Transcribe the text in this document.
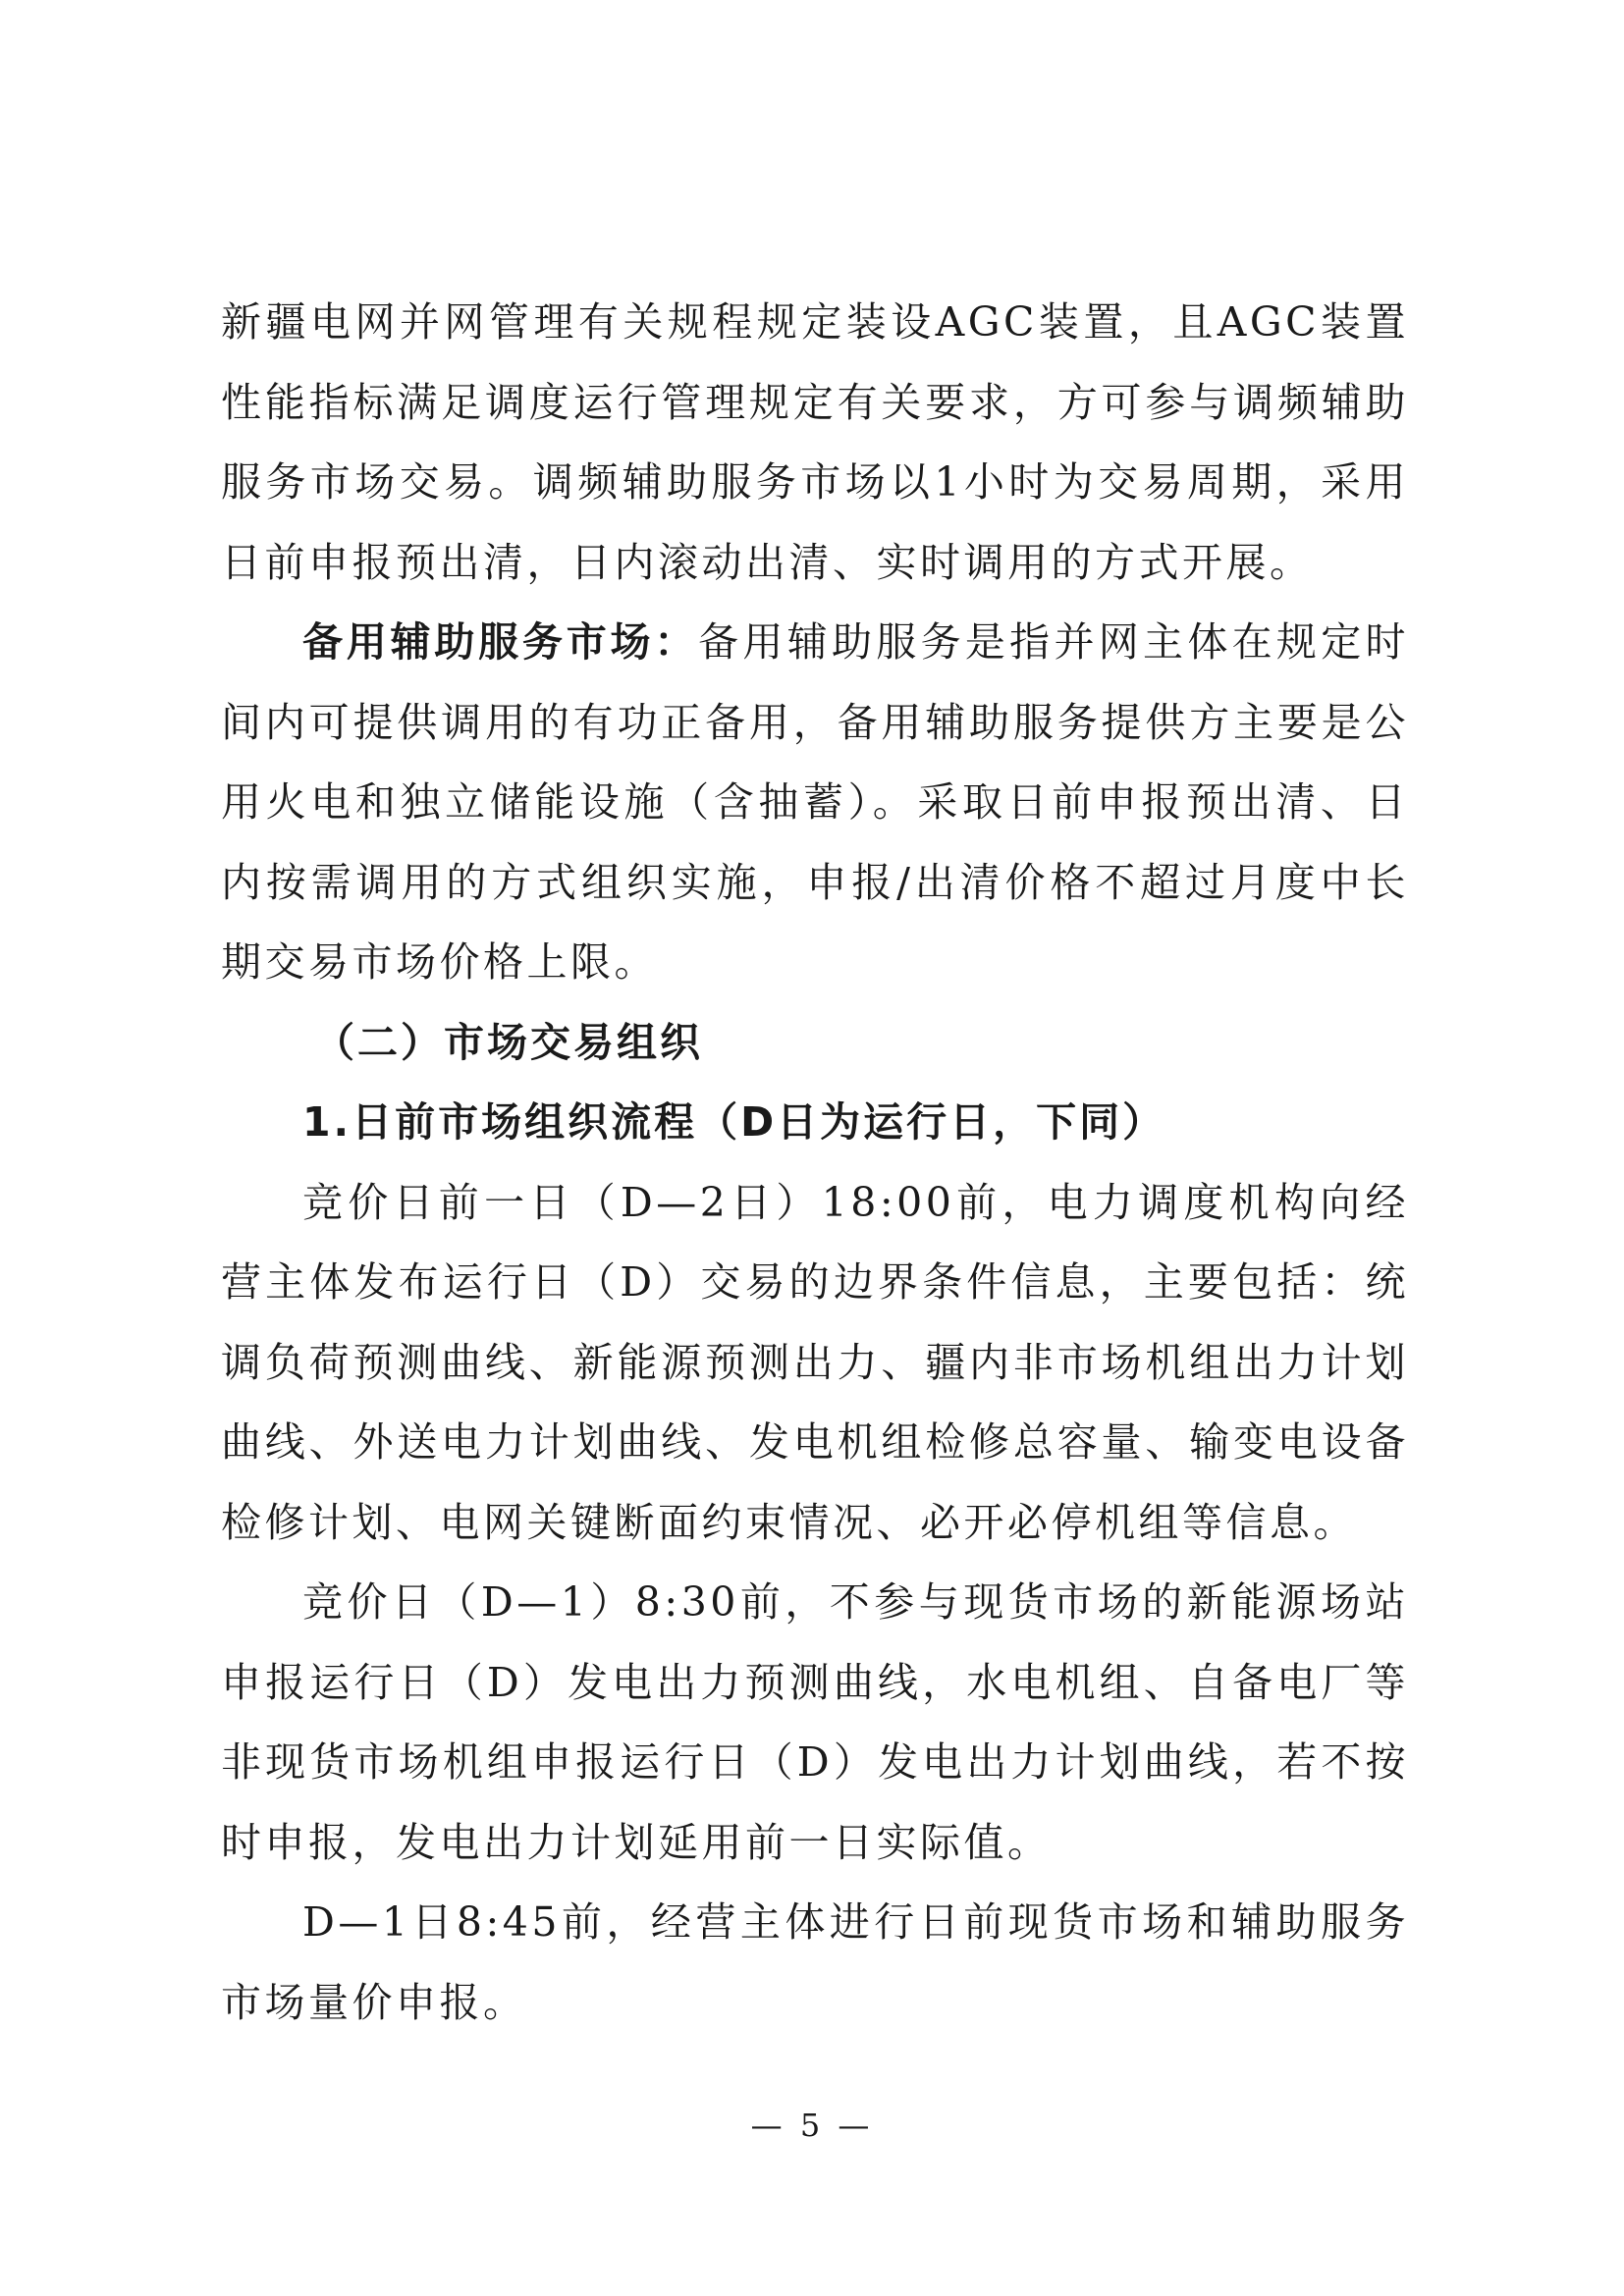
新疆电网并网管理有关规程规定装设AGC装置，且AGC装置性能指标满足调度运行管理规定有关要求，方可参与调频辅助服务市场交易。调频辅助服务市场以1小时为交易周期，采用日前申报预出清，日内滚动出清、实时调用的方式开展。

备用辅助服务市场：备用辅助服务是指并网主体在规定时间内可提供调用的有功正备用，备用辅助服务提供方主要是公用火电和独立储能设施（含抽蓄）。采取日前申报预出清、日内按需调用的方式组织实施，申报/出清价格不超过月度中长期交易市场价格上限。

（二）市场交易组织

1.日前市场组织流程（D日为运行日，下同）

竞价日前一日（D—2日）18:00前，电力调度机构向经营主体发布运行日（D）交易的边界条件信息，主要包括：统调负荷预测曲线、新能源预测出力、疆内非市场机组出力计划曲线、外送电力计划曲线、发电机组检修总容量、输变电设备检修计划、电网关键断面约束情况、必开必停机组等信息。

竞价日（D—1）8:30前，不参与现货市场的新能源场站申报运行日（D）发电出力预测曲线，水电机组、自备电厂等非现货市场机组申报运行日（D）发电出力计划曲线，若不按时申报，发电出力计划延用前一日实际值。

D—1日8:45前，经营主体进行日前现货市场和辅助服务市场量价申报。

— 5 —
